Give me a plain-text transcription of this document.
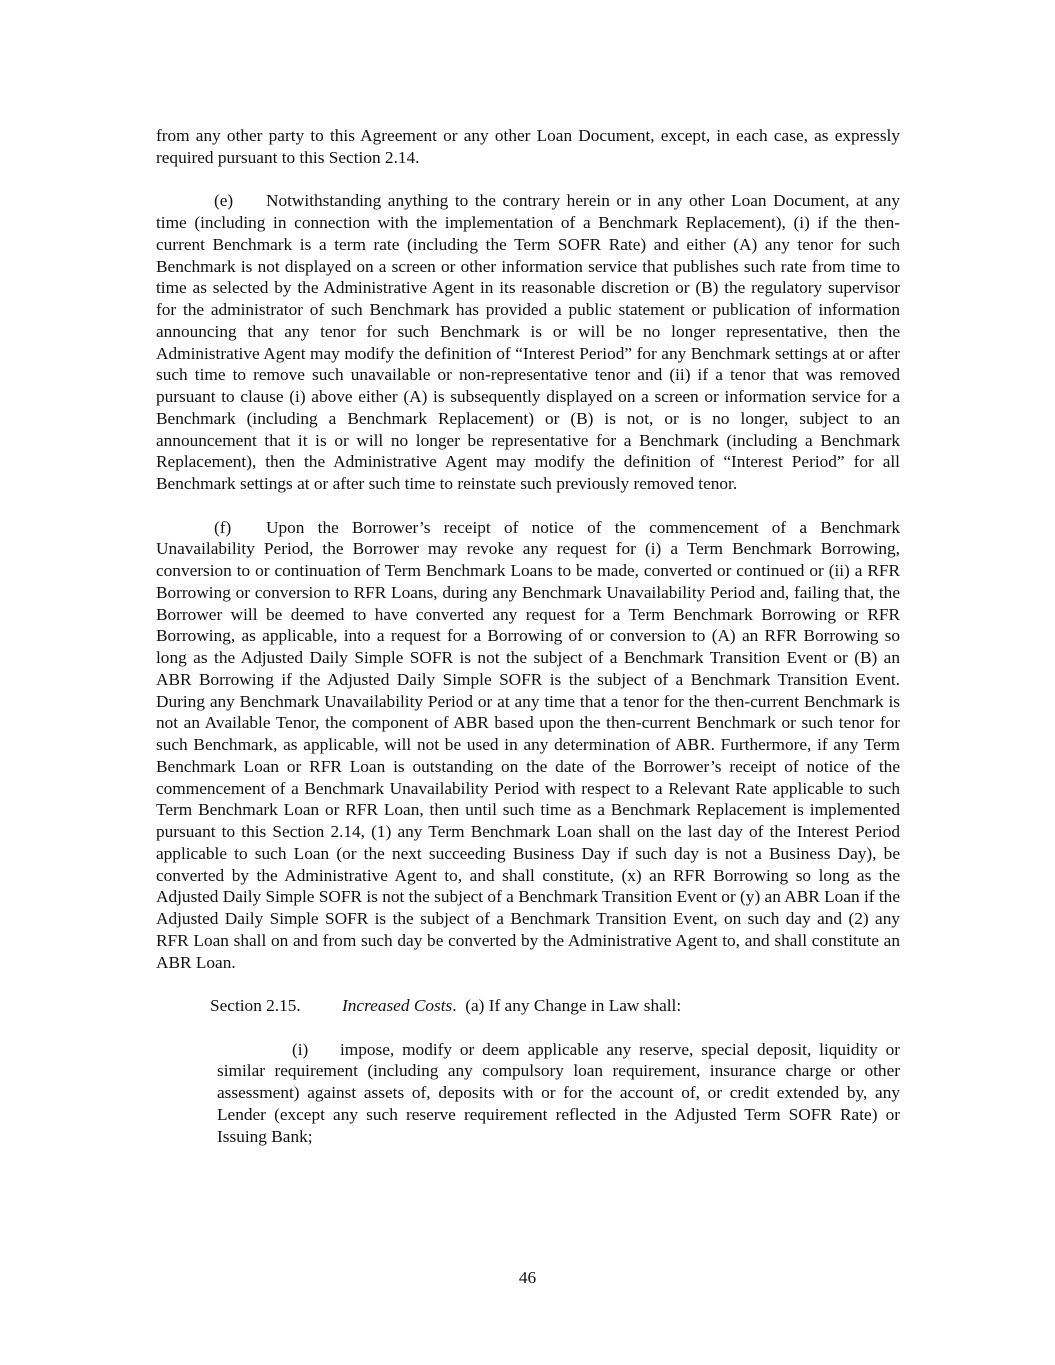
from any other party to this Agreement or any other Loan Document, except, in each case, as expressly required pursuant to this Section 2.14.

(e) Notwithstanding anything to the contrary herein or in any other Loan Document, at any time (including in connection with the implementation of a Benchmark Replacement), (i) if the then-current Benchmark is a term rate (including the Term SOFR Rate) and either (A) any tenor for such Benchmark is not displayed on a screen or other information service that publishes such rate from time to time as selected by the Administrative Agent in its reasonable discretion or (B) the regulatory supervisor for the administrator of such Benchmark has provided a public statement or publication of information announcing that any tenor for such Benchmark is or will be no longer representative, then the Administrative Agent may modify the definition of “Interest Period” for any Benchmark settings at or after such time to remove such unavailable or non-representative tenor and (ii) if a tenor that was removed pursuant to clause (i) above either (A) is subsequently displayed on a screen or information service for a Benchmark (including a Benchmark Replacement) or (B) is not, or is no longer, subject to an announcement that it is or will no longer be representative for a Benchmark (including a Benchmark Replacement), then the Administrative Agent may modify the definition of “Interest Period” for all Benchmark settings at or after such time to reinstate such previously removed tenor.

(f) Upon the Borrower’s receipt of notice of the commencement of a Benchmark Unavailability Period, the Borrower may revoke any request for (i) a Term Benchmark Borrowing, conversion to or continuation of Term Benchmark Loans to be made, converted or continued or (ii) a RFR Borrowing or conversion to RFR Loans, during any Benchmark Unavailability Period and, failing that, the Borrower will be deemed to have converted any request for a Term Benchmark Borrowing or RFR Borrowing, as applicable, into a request for a Borrowing of or conversion to (A) an RFR Borrowing so long as the Adjusted Daily Simple SOFR is not the subject of a Benchmark Transition Event or (B) an ABR Borrowing if the Adjusted Daily Simple SOFR is the subject of a Benchmark Transition Event. During any Benchmark Unavailability Period or at any time that a tenor for the then-current Benchmark is not an Available Tenor, the component of ABR based upon the then-current Benchmark or such tenor for such Benchmark, as applicable, will not be used in any determination of ABR. Furthermore, if any Term Benchmark Loan or RFR Loan is outstanding on the date of the Borrower’s receipt of notice of the commencement of a Benchmark Unavailability Period with respect to a Relevant Rate applicable to such Term Benchmark Loan or RFR Loan, then until such time as a Benchmark Replacement is implemented pursuant to this Section 2.14, (1) any Term Benchmark Loan shall on the last day of the Interest Period applicable to such Loan (or the next succeeding Business Day if such day is not a Business Day), be converted by the Administrative Agent to, and shall constitute, (x) an RFR Borrowing so long as the Adjusted Daily Simple SOFR is not the subject of a Benchmark Transition Event or (y) an ABR Loan if the Adjusted Daily Simple SOFR is the subject of a Benchmark Transition Event, on such day and (2) any RFR Loan shall on and from such day be converted by the Administrative Agent to, and shall constitute an ABR Loan.

Section 2.15. Increased Costs.  (a) If any Change in Law shall:

(i) impose, modify or deem applicable any reserve, special deposit, liquidity or similar requirement (including any compulsory loan requirement, insurance charge or other assessment) against assets of, deposits with or for the account of, or credit extended by, any Lender (except any such reserve requirement reflected in the Adjusted Term SOFR Rate) or Issuing Bank;

46
